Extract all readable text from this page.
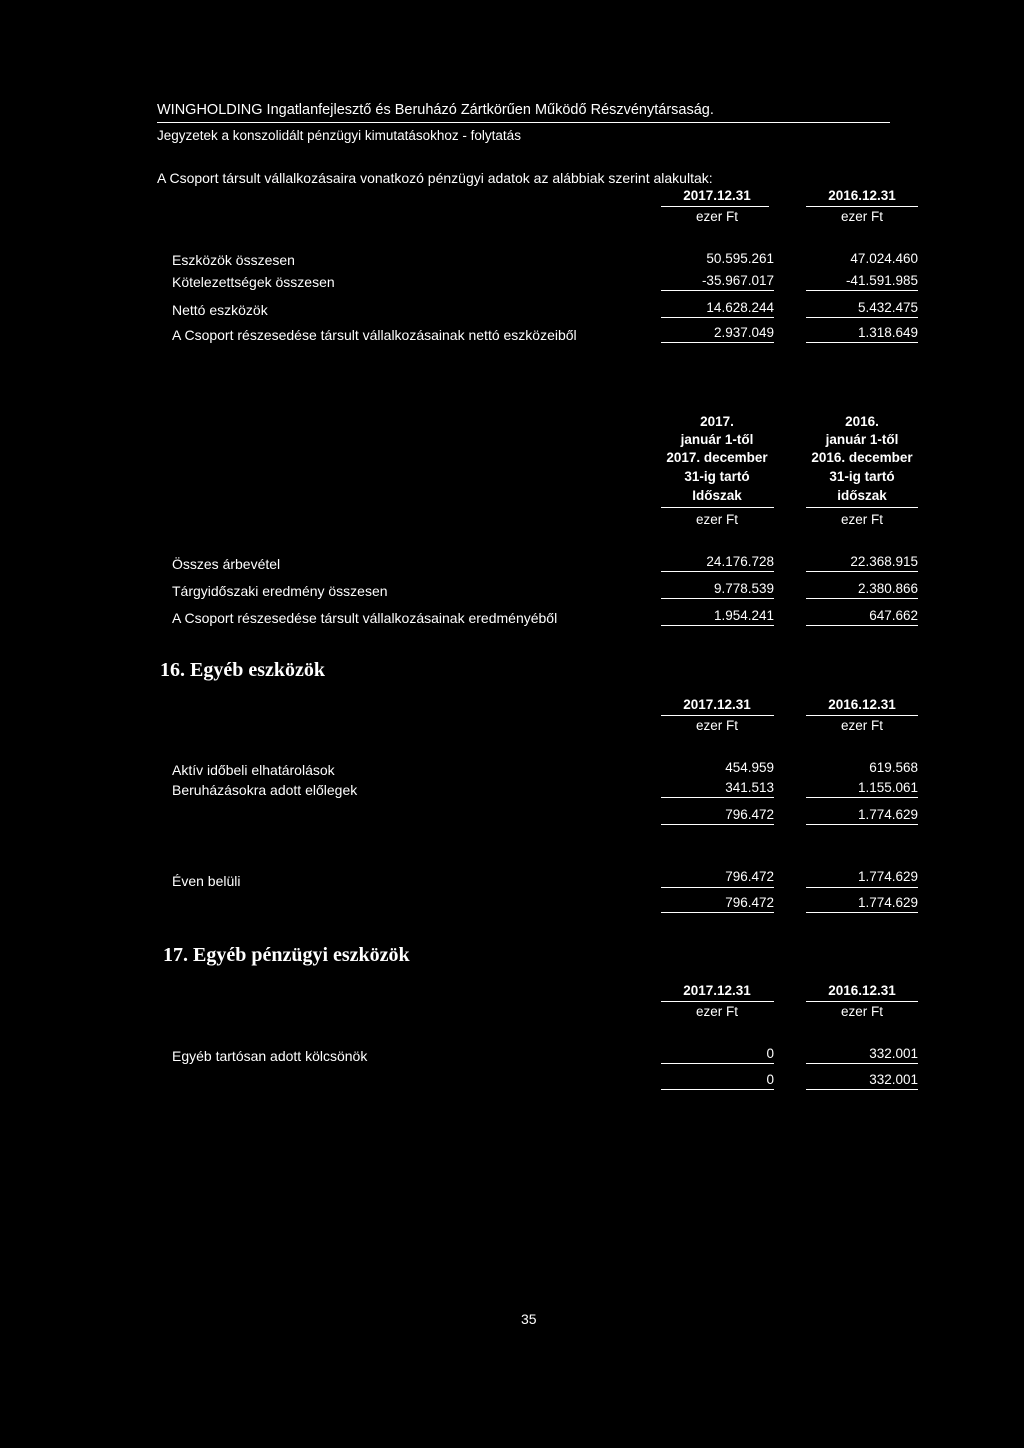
WINGHOLDING Ingatlanfejlesztő és Beruházó Zártkörűen Működő Részvénytársaság.
Jegyzetek a konszolidált pénzügyi kimutatásokhoz - folytatás
A Csoport társult vállalkozásaira vonatkozó pénzügyi adatok az alábbiak szerint alakultak:
2017.12.31	2016.12.31
ezer Ft	ezer Ft
Eszközök összesen	50.595.261	47.024.460
Kötelezettségek összesen	-35.967.017	-41.591.985
Nettó eszközök	14.628.244	5.432.475
A Csoport részesedése társult vállalkozásainak nettó eszközeiből	2.937.049	1.318.649
2017.	2016.
január 1-től	január 1-től
2017. december	2016. december
31-ig tartó	31-ig tartó
Időszak	időszak
ezer Ft	ezer Ft
Összes árbevétel	24.176.728	22.368.915
Tárgyidőszaki eredmény összesen	9.778.539	2.380.866
A Csoport részesedése társult vállalkozásainak eredményéből	1.954.241	647.662
16. Egyéb eszközök
2017.12.31	2016.12.31
ezer Ft	ezer Ft
Aktív időbeli elhatárolások	454.959	619.568
Beruházásokra adott előlegek	341.513	1.155.061
796.472	1.774.629
Éven belüli	796.472	1.774.629
796.472	1.774.629
17. Egyéb pénzügyi eszközök
2017.12.31	2016.12.31
ezer Ft	ezer Ft
Egyéb tartósan adott kölcsönök	0	332.001
0	332.001
35
